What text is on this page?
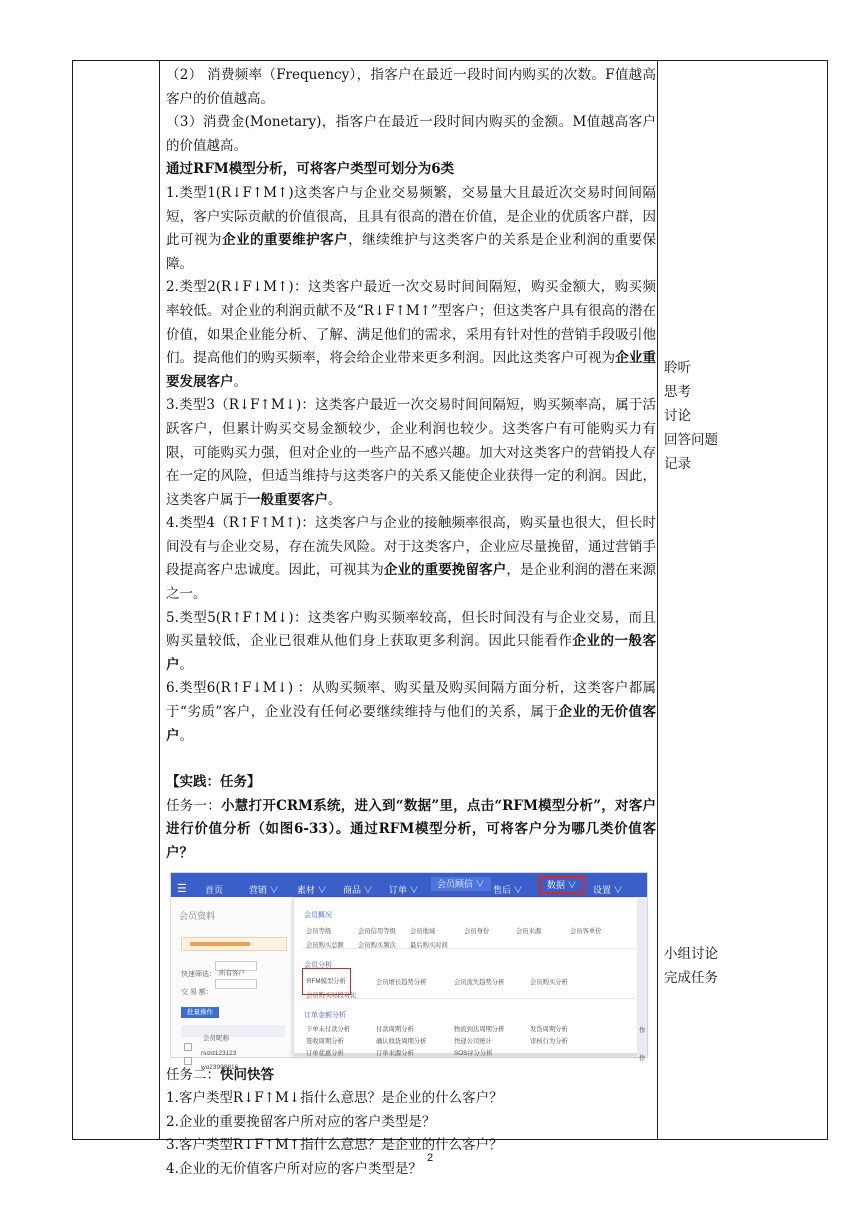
（2） 消费频率（Frequency），指客户在最近一段时间内购买的次数。F值越高客户的价值越高。

（3）消费金(Monetary)，指客户在最近一段时间内购买的金额。M值越高客户的价值越高。

通过RFM模型分析，可将客户类型可划分为6类

1.类型1(R↓F↑M↑)这类客户与企业交易频繁，交易量大且最近次交易时间间隔短，客户实际贡献的价值很高，且具有很高的潜在价值，是企业的优质客户群，因此可视为企业的重要维护客户，继续维护与这类客户的关系是企业利润的重要保障。

2.类型2(R↓F↓M↑)：这类客户最近一次交易时间间隔短，购买金额大，购买频率较低。对企业的利润贡献不及“R↓F↑M↑”型客户；但这类客户具有很高的潜在价值，如果企业能分析、了解、满足他们的需求，采用有针对性的营销手段吸引他们。提高他们的购买频率，将会给企业带来更多利润。因此这类客户可视为企业重要发展客户。

3.类型3（R↓F↑M↓)：这类客户最近一次交易时间间隔短，购买频率高，属于活跃客户，但累计购买交易金额较少，企业利润也较少。这类客户有可能购买力有限，可能购买力强，但对企业的一些产品不感兴趣。加大对这类客户的营销投人存在一定的风险，但适当维持与这类客户的关系又能使企业获得一定的利润。因此，这类客户属于一般重要客户。

4.类型4（R↑F↑M↑)：这类客户与企业的接触频率很高，购买量也很大，但长时间没有与企业交易，存在流失风险。对于这类客户，企业应尽量挽留，通过营销手段提高客户忠诚度。因此，可视其为企业的重要挽留客户，是企业利润的潜在来源之一。

5.类型5(R↑F↑M↓)：这类客户购买频率较高，但长时间没有与企业交易，而且购买量较低，企业已很难从他们身上获取更多利润。因此只能看作企业的一般客户。

6.类型6(R↑F↓M↓) ：从购买频率、购买量及购买间隔方面分析，这类客户都属于“劣质”客户，企业没有任何必要继续维持与他们的关系，属于企业的无价值客户。

【实践：任务】

任务一：小慧打开CRM系统，进入到“数据”里，点击“RFM模型分析”，对客户进行价值分析（如图6-33）。通过RFM模型分析，可将客户分为哪几类价值客户？

☰ 首页	营销 ∨ 素材 ∨ 商品 ∨ 订单 ∨
会员顾信 ∨
售后 ∨	数据 ∨	设置 ∨
会员资料
快速筛选： 所有客户
交 易 额：
批量操作
会员昵称
rsizd123123
wo23998816
会员概况
会员等级	会员信用等级 会员地域	会员身份	会员来源	会员客单价
会员购买总额 会员购买频次 最后购买时间
会员分析
RFM模型分析	会员增长趋势分析	会员流失趋势分析	会员购买分析
会员购买时段对比
订单金额分析
下单未付款分析	付款周期分析	物流到达周期分析	发货周期分析
签收周期分析	确认收货周期分析	快递公司统计	审核行为分析
订单优惠分析	订单来源分析	SOS评分分析
作
作

任务二：快问快答

1.客户类型R↓F↑M↓指什么意思？是企业的什么客户？

2.企业的重要挽留客户所对应的客户类型是？

3.客户类型R↓F↑M↑指什么意思？是企业的什么客户？

4.企业的无价值客户所对应的客户类型是？

聆听
思考
讨论
回答问题
记录
小组讨论
完成任务
2
